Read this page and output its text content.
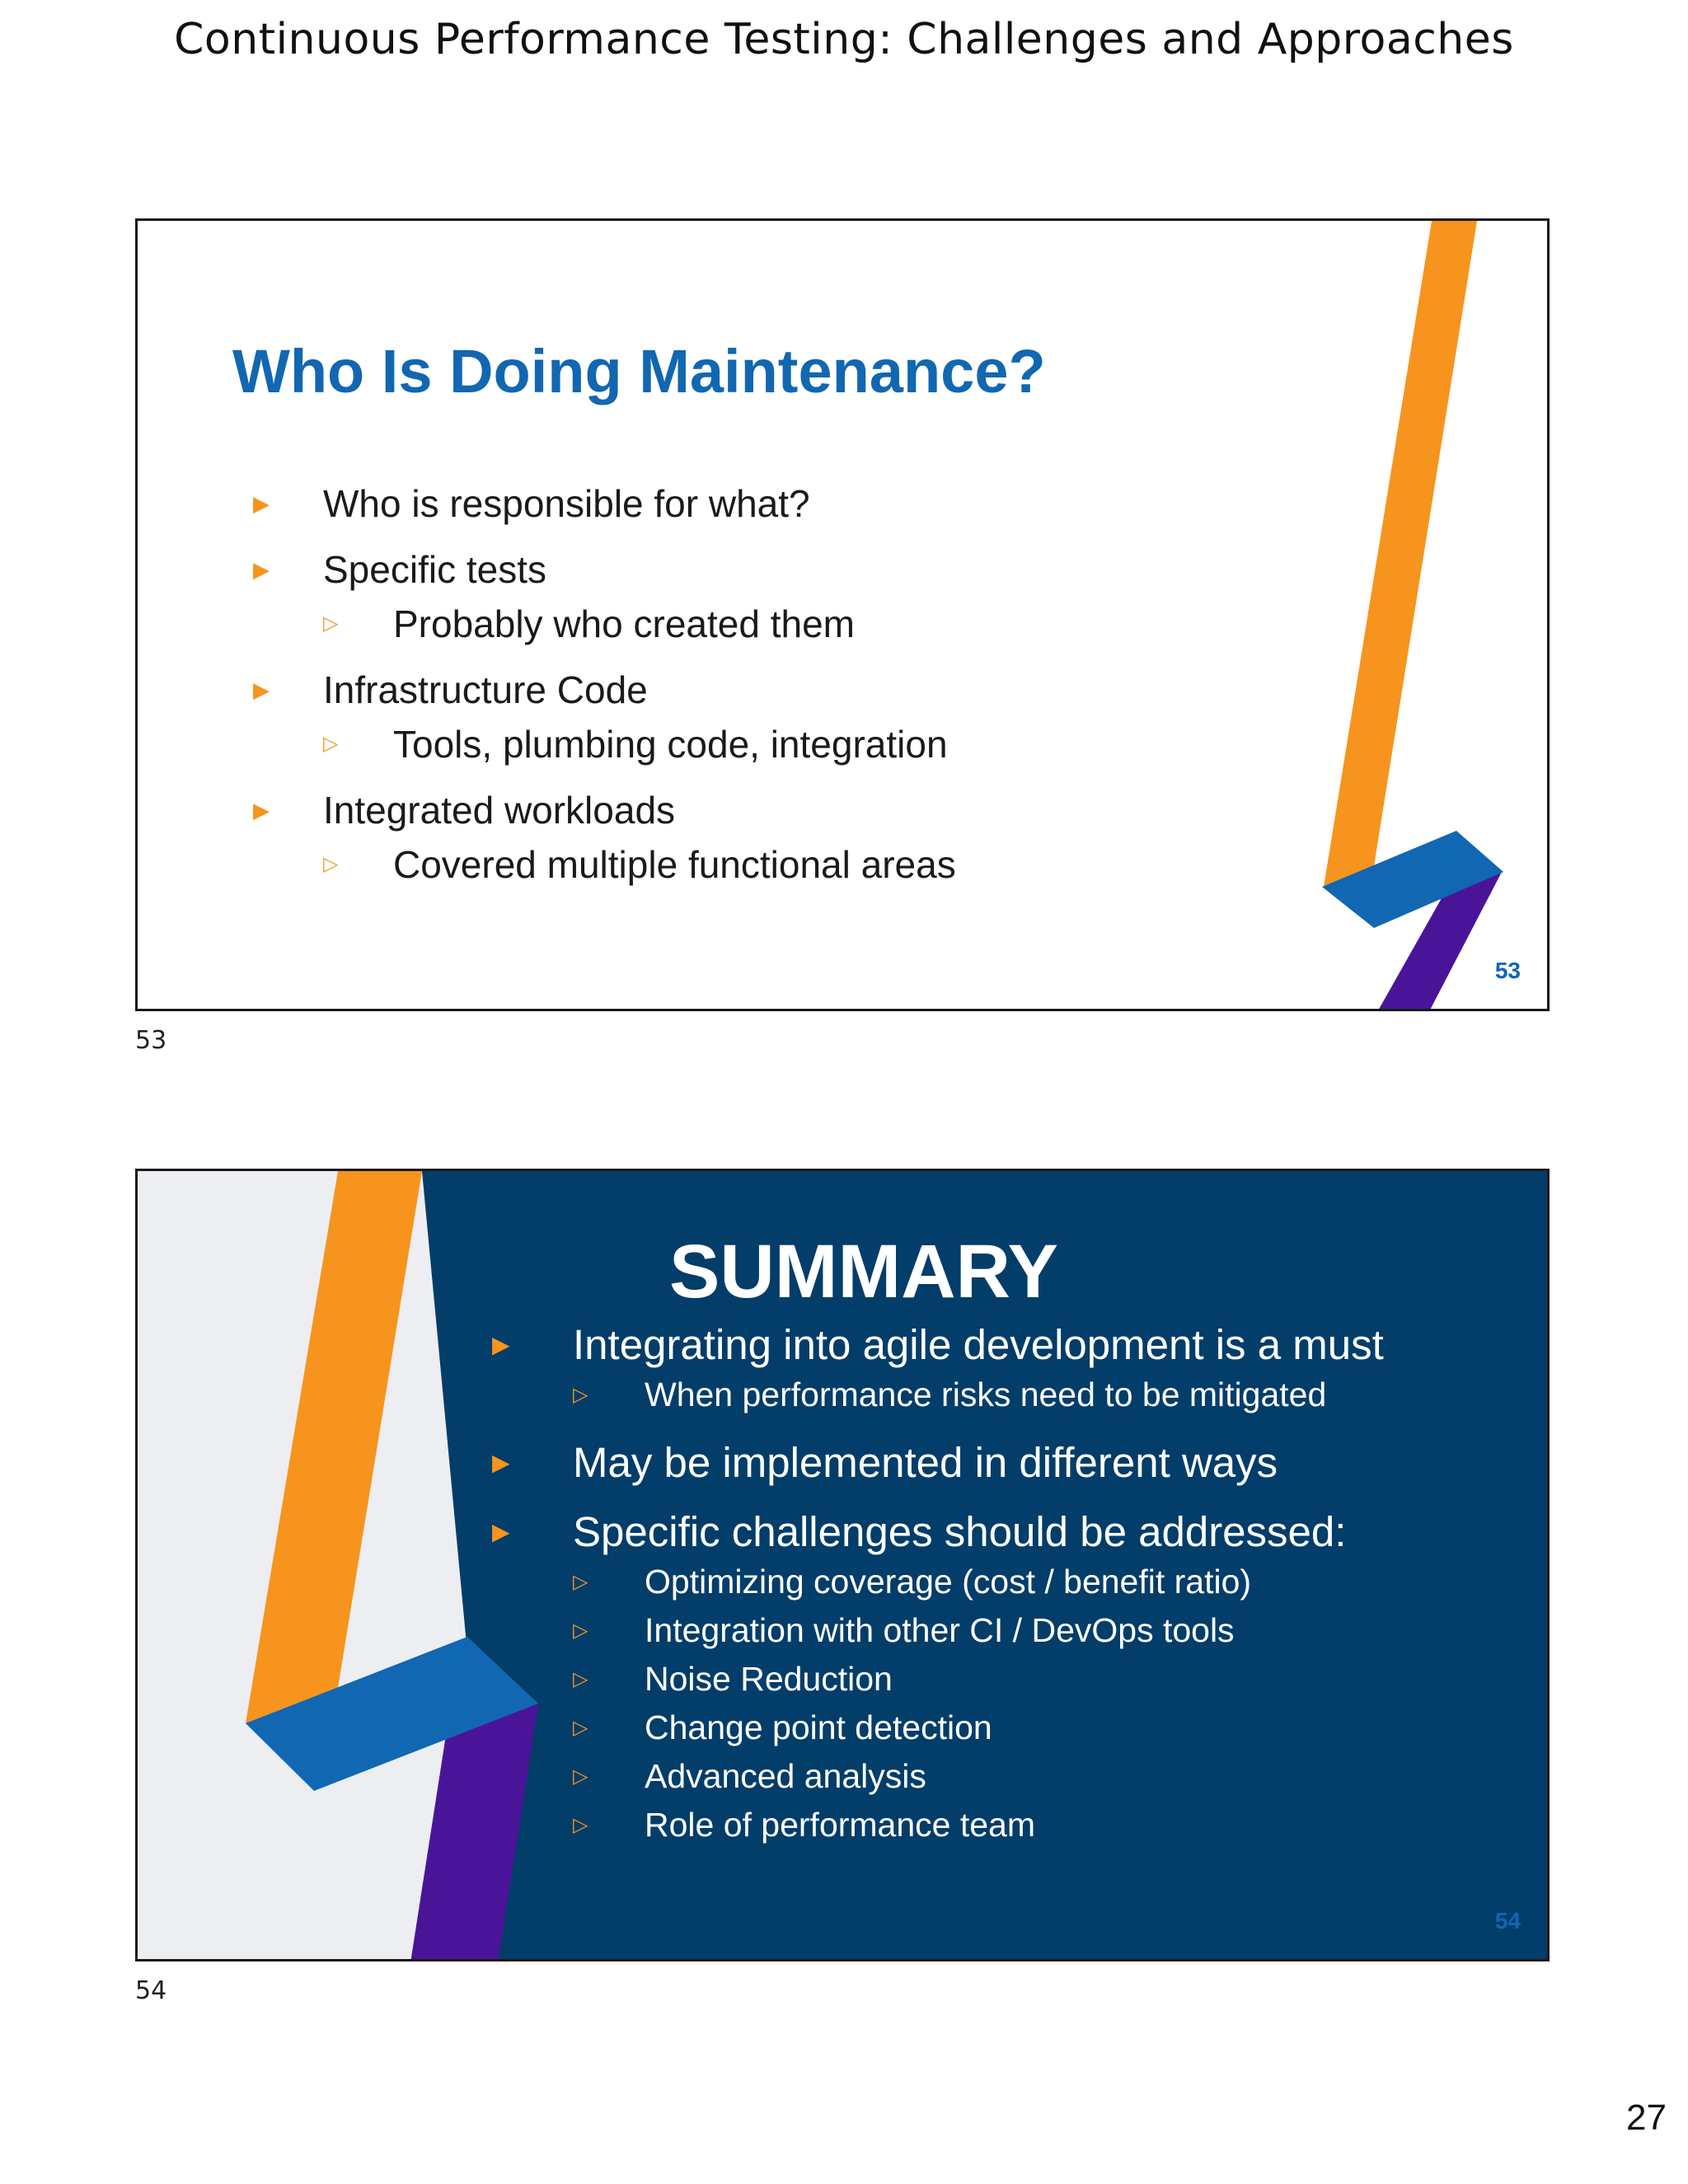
Continuous Performance Testing: Challenges and Approaches
Who Is Doing Maintenance?
▶ Who is responsible for what?
▶ Specific tests
▷ Probably who created them
▶ Infrastructure Code
▷ Tools, plumbing code, integration
▶ Integrated workloads
▷ Covered multiple functional areas
53
53
SUMMARY
▶ Integrating into agile development is a must
▷ When performance risks need to be mitigated
▶ May be implemented in different ways
▶ Specific challenges should be addressed:
▷ Optimizing coverage (cost / benefit ratio)
▷ Integration with other CI / DevOps tools
▷ Noise Reduction
▷ Change point detection
▷ Advanced analysis
▷ Role of performance team
54
54
27
